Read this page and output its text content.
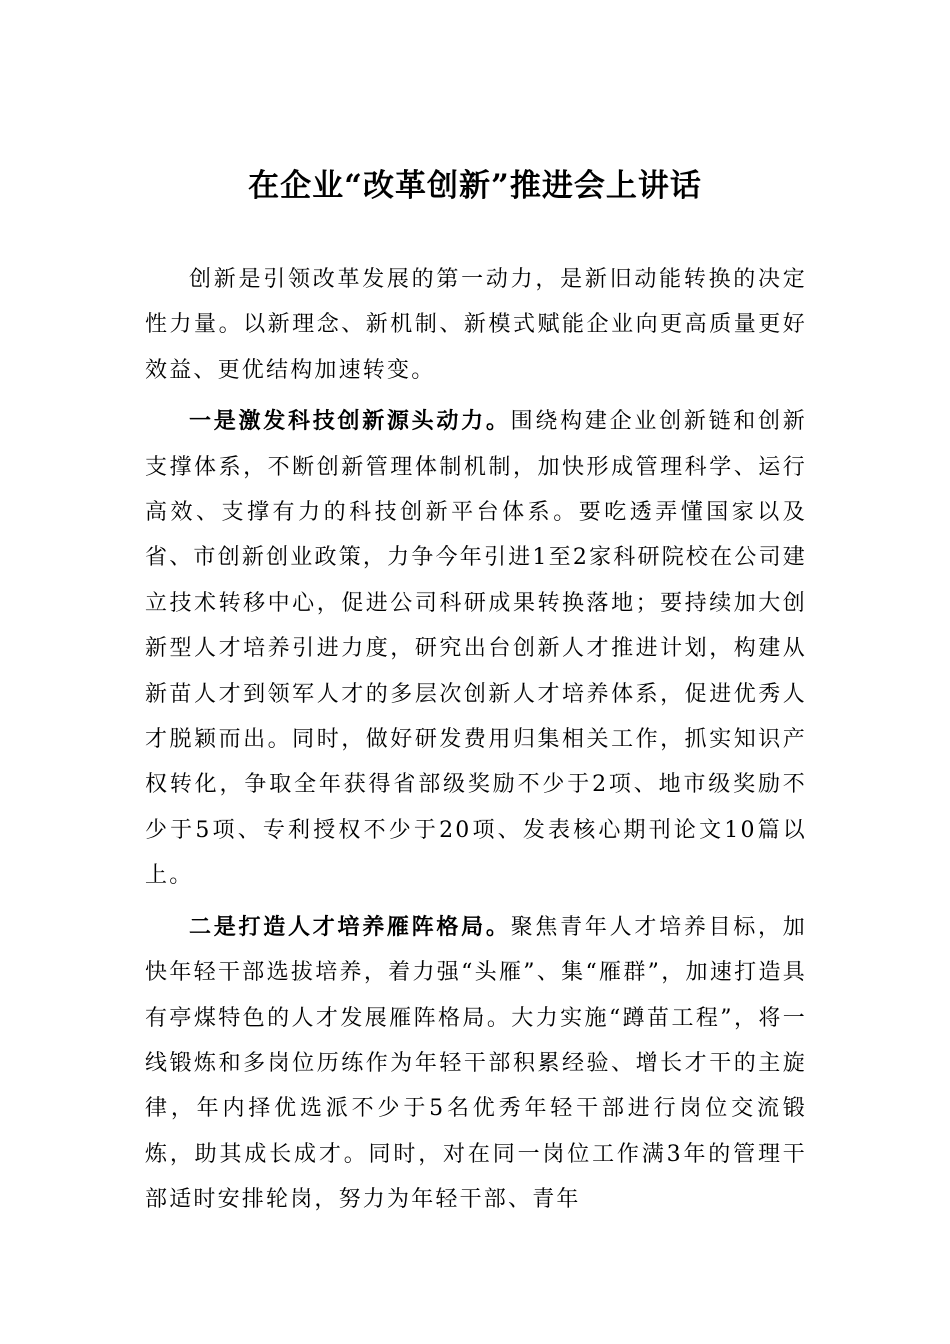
在企业“改革创新”推进会上讲话

创新是引领改革发展的第一动力，是新旧动能转换的决定性力量。以新理念、新机制、新模式赋能企业向更高质量更好效益、更优结构加速转变。

一是激发科技创新源头动力。围绕构建企业创新链和创新支撑体系，不断创新管理体制机制，加快形成管理科学、运行高效、支撑有力的科技创新平台体系。要吃透弄懂国家以及省、市创新创业政策，力争今年引进1至2家科研院校在公司建立技术转移中心，促进公司科研成果转换落地；要持续加大创新型人才培养引进力度，研究出台创新人才推进计划，构建从新苗人才到领军人才的多层次创新人才培养体系，促进优秀人才脱颖而出。同时，做好研发费用归集相关工作，抓实知识产权转化，争取全年获得省部级奖励不少于2项、地市级奖励不少于5项、专利授权不少于20项、发表核心期刊论文10篇以上。

二是打造人才培养雁阵格局。聚焦青年人才培养目标，加快年轻干部选拔培养，着力强“头雁”、集“雁群”，加速打造具有亭煤特色的人才发展雁阵格局。大力实施“蹲苗工程”，将一线锻炼和多岗位历练作为年轻干部积累经验、增长才干的主旋律，年内择优选派不少于5名优秀年轻干部进行岗位交流锻炼，助其成长成才。同时，对在同一岗位工作满3年的管理干部适时安排轮岗，努力为年轻干部、青年
